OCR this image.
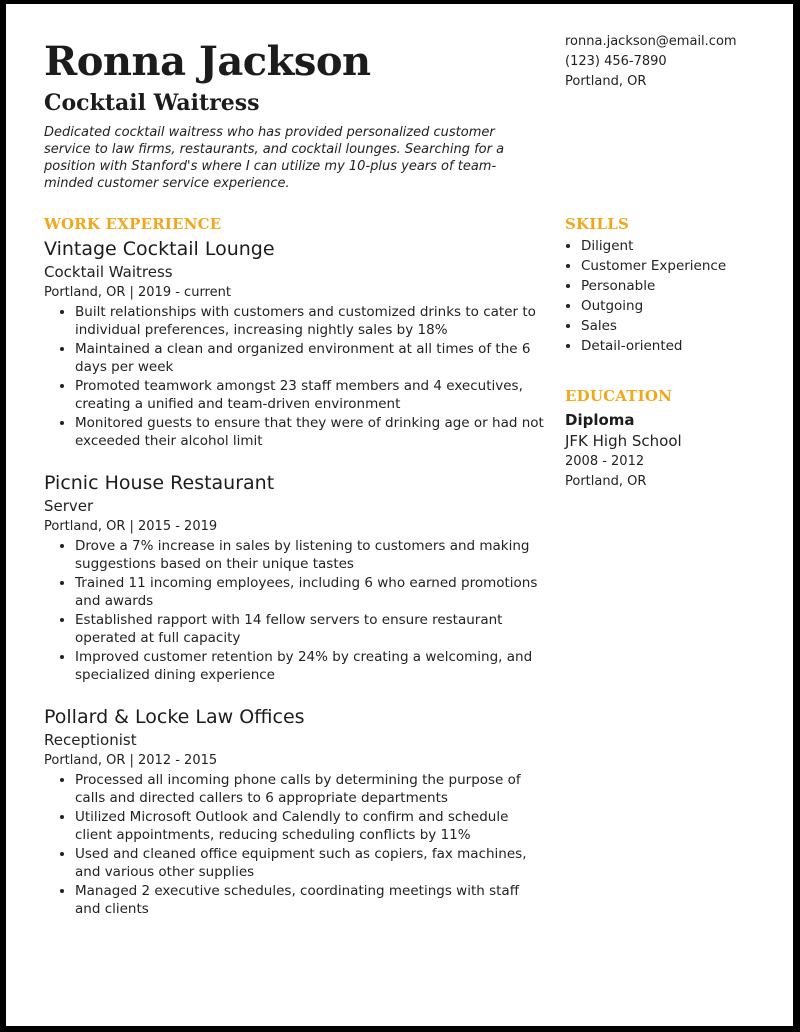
Ronna Jackson
Cocktail Waitress
Dedicated cocktail waitress who has provided personalized customer service to law firms, restaurants, and cocktail lounges. Searching for a position with Stanford's where I can utilize my 10-plus years of team-minded customer service experience.
ronna.jackson@email.com
(123) 456-7890
Portland, OR
WORK EXPERIENCE
Vintage Cocktail Lounge
Cocktail Waitress
Portland, OR | 2019 - current
• Built relationships with customers and customized drinks to cater to individual preferences, increasing nightly sales by 18%
• Maintained a clean and organized environment at all times of the 6 days per week
• Promoted teamwork amongst 23 staff members and 4 executives, creating a unified and team-driven environment
• Monitored guests to ensure that they were of drinking age or had not exceeded their alcohol limit
Picnic House Restaurant
Server
Portland, OR | 2015 - 2019
• Drove a 7% increase in sales by listening to customers and making suggestions based on their unique tastes
• Trained 11 incoming employees, including 6 who earned promotions and awards
• Established rapport with 14 fellow servers to ensure restaurant operated at full capacity
• Improved customer retention by 24% by creating a welcoming, and specialized dining experience
Pollard & Locke Law Offices
Receptionist
Portland, OR | 2012 - 2015
• Processed all incoming phone calls by determining the purpose of calls and directed callers to 6 appropriate departments
• Utilized Microsoft Outlook and Calendly to confirm and schedule client appointments, reducing scheduling conflicts by 11%
• Used and cleaned office equipment such as copiers, fax machines, and various other supplies
• Managed 2 executive schedules, coordinating meetings with staff and clients
SKILLS
• Diligent
• Customer Experience
• Personable
• Outgoing
• Sales
• Detail-oriented
EDUCATION
Diploma
JFK High School
2008 - 2012
Portland, OR
